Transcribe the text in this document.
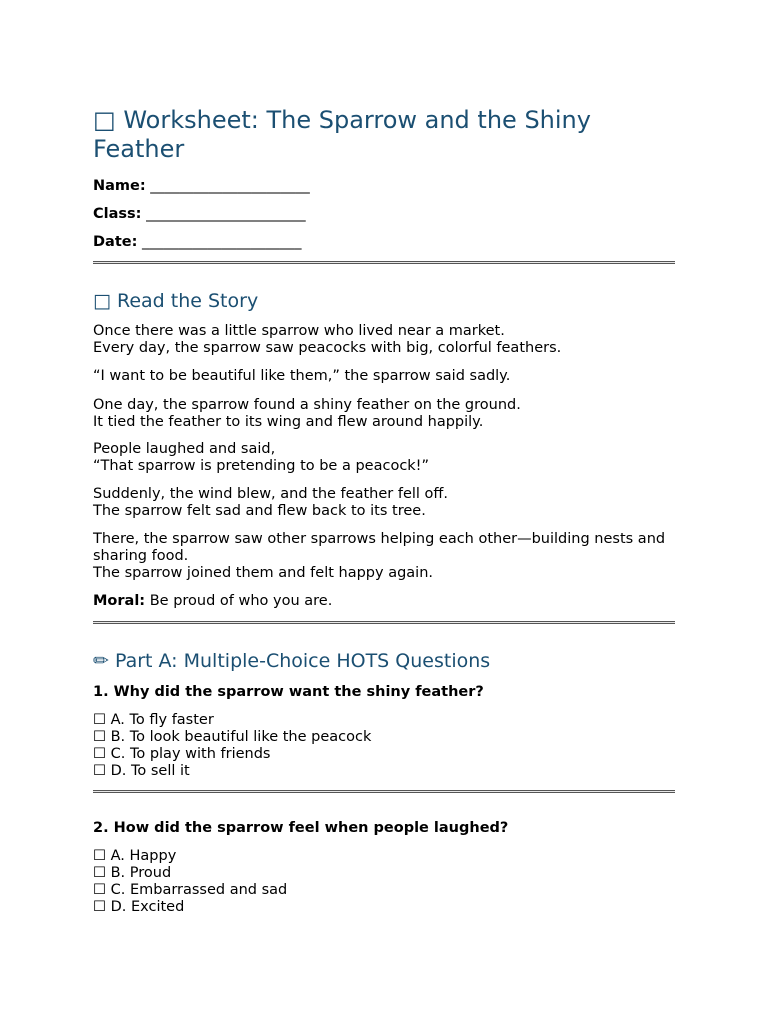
□ Worksheet: The Sparrow and the Shiny Feather
Name: ______________________
Class: ______________________
Date: ______________________
□ Read the Story
Once there was a little sparrow who lived near a market.
Every day, the sparrow saw peacocks with big, colorful feathers.
“I want to be beautiful like them,” the sparrow said sadly.
One day, the sparrow found a shiny feather on the ground.
It tied the feather to its wing and flew around happily.
People laughed and said,
“That sparrow is pretending to be a peacock!”
Suddenly, the wind blew, and the feather fell off.
The sparrow felt sad and flew back to its tree.
There, the sparrow saw other sparrows helping each other—building nests and sharing food.
The sparrow joined them and felt happy again.
Moral: Be proud of who you are.
✏ Part A: Multiple-Choice HOTS Questions
1. Why did the sparrow want the shiny feather?
☐ A. To fly faster
☐ B. To look beautiful like the peacock
☐ C. To play with friends
☐ D. To sell it
2. How did the sparrow feel when people laughed?
☐ A. Happy
☐ B. Proud
☐ C. Embarrassed and sad
☐ D. Excited
